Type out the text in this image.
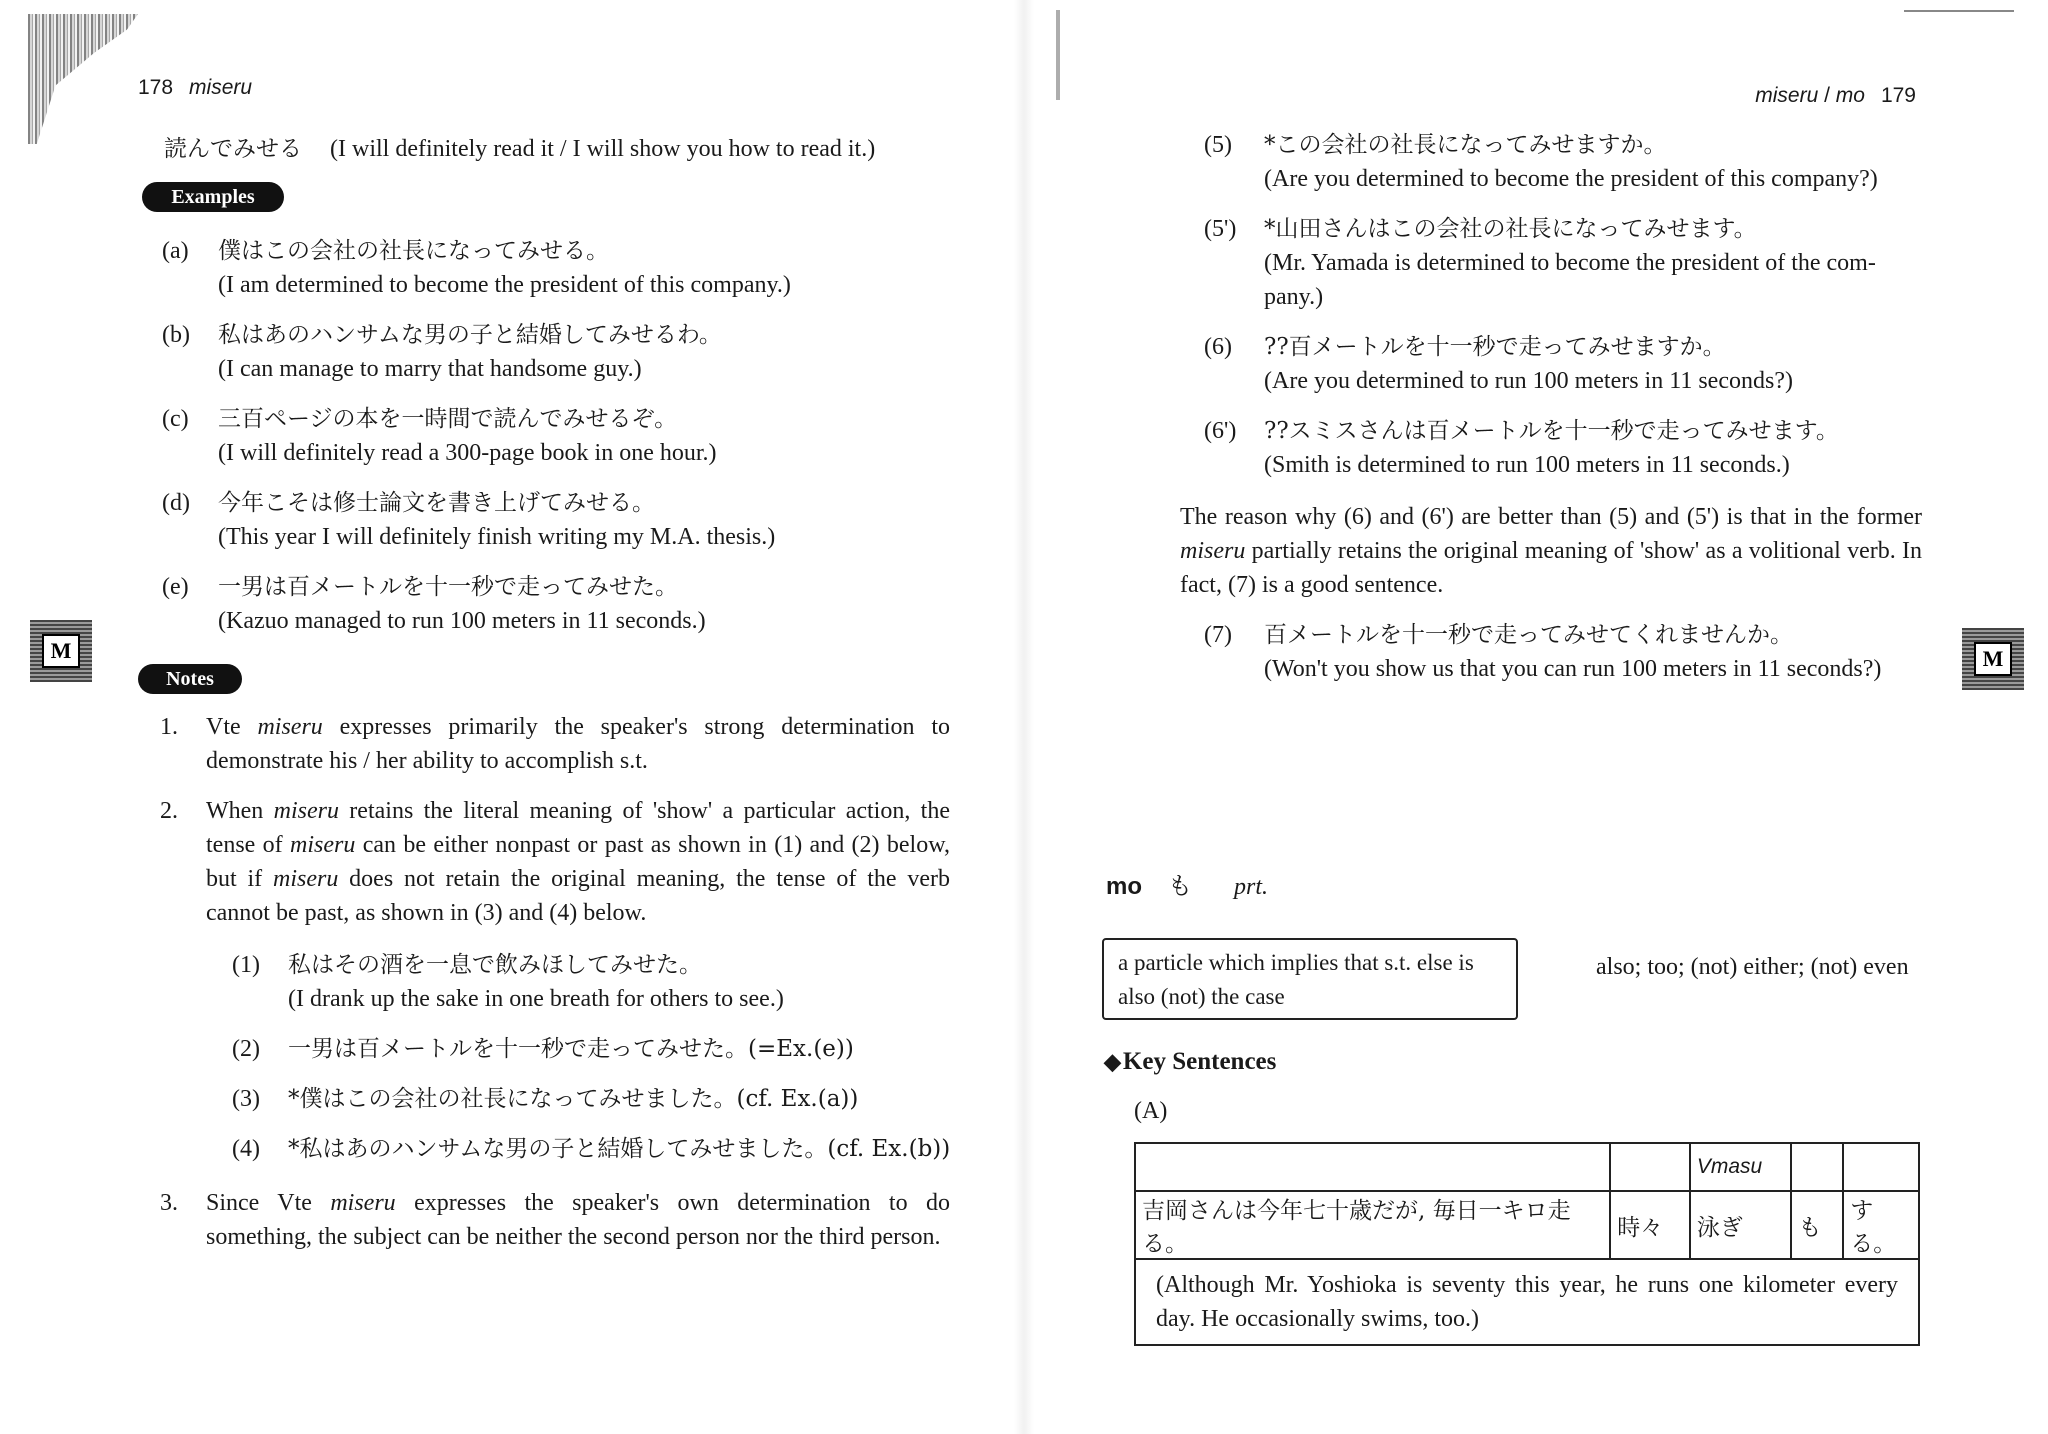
178 miseru
読んでみせる (I will definitely read it / I will show you how to read it.)
Examples
(a) 僕はこの会社の社長になってみせる。
(I am determined to become the president of this company.)
(b) 私はあのハンサムな男の子と結婚してみせるわ。
(I can manage to marry that handsome guy.)
(c) 三百ページの本を一時間で読んでみせるぞ。
(I will definitely read a 300-page book in one hour.)
(d) 今年こそは修士論文を書き上げてみせる。
(This year I will definitely finish writing my M.A. thesis.)
(e) 一男は百メートルを十一秒で走ってみせた。
(Kazuo managed to run 100 meters in 11 seconds.)
M
Notes
1. Vte miseru expresses primarily the speaker's strong determination to demonstrate his / her ability to accomplish s.t.
2. When miseru retains the literal meaning of 'show' a particular action, the tense of miseru can be either nonpast or past as shown in (1) and (2) below, but if miseru does not retain the original meaning, the tense of the verb cannot be past, as shown in (3) and (4) below.
(1) 私はその酒を一息で飲みほしてみせた。
(I drank up the sake in one breath for others to see.)
(2) 一男は百メートルを十一秒で走ってみせた。(=Ex.(e))
(3) *僕はこの会社の社長になってみせました。(cf. Ex.(a))
(4) *私はあのハンサムな男の子と結婚してみせました。(cf. Ex.(b))
3. Since Vte miseru expresses the speaker's own determination to do something, the subject can be neither the second person nor the third person.
miseru / mo 179
(5) *この会社の社長になってみせますか。
(Are you determined to become the president of this company?)
(5') *山田さんはこの会社の社長になってみせます。
(Mr. Yamada is determined to become the president of the com-
pany.)
(6) ??百メートルを十一秒で走ってみせますか。
(Are you determined to run 100 meters in 11 seconds?)
(6') ??スミスさんは百メートルを十一秒で走ってみせます。
(Smith is determined to run 100 meters in 11 seconds.)
The reason why (6) and (6') are better than (5) and (5') is that in the former miseru partially retains the original meaning of 'show' as a volitional verb. In fact, (7) is a good sentence.
(7) 百メートルを十一秒で走ってみせてくれませんか。
(Won't you show us that you can run 100 meters in 11 seconds?)	M
mo も prt.
a particle which implies that s.t. else is also (not) the case
also; too; (not) either; (not) even
◆Key Sentences
(A)
		Vmasu		
吉岡さんは今年七十歳だが, 毎日一キロ走る。	時々	泳ぎ	も	する。
(Although Mr. Yoshioka is seventy this year, he runs one kilometer every day. He occasionally swims, too.)				
